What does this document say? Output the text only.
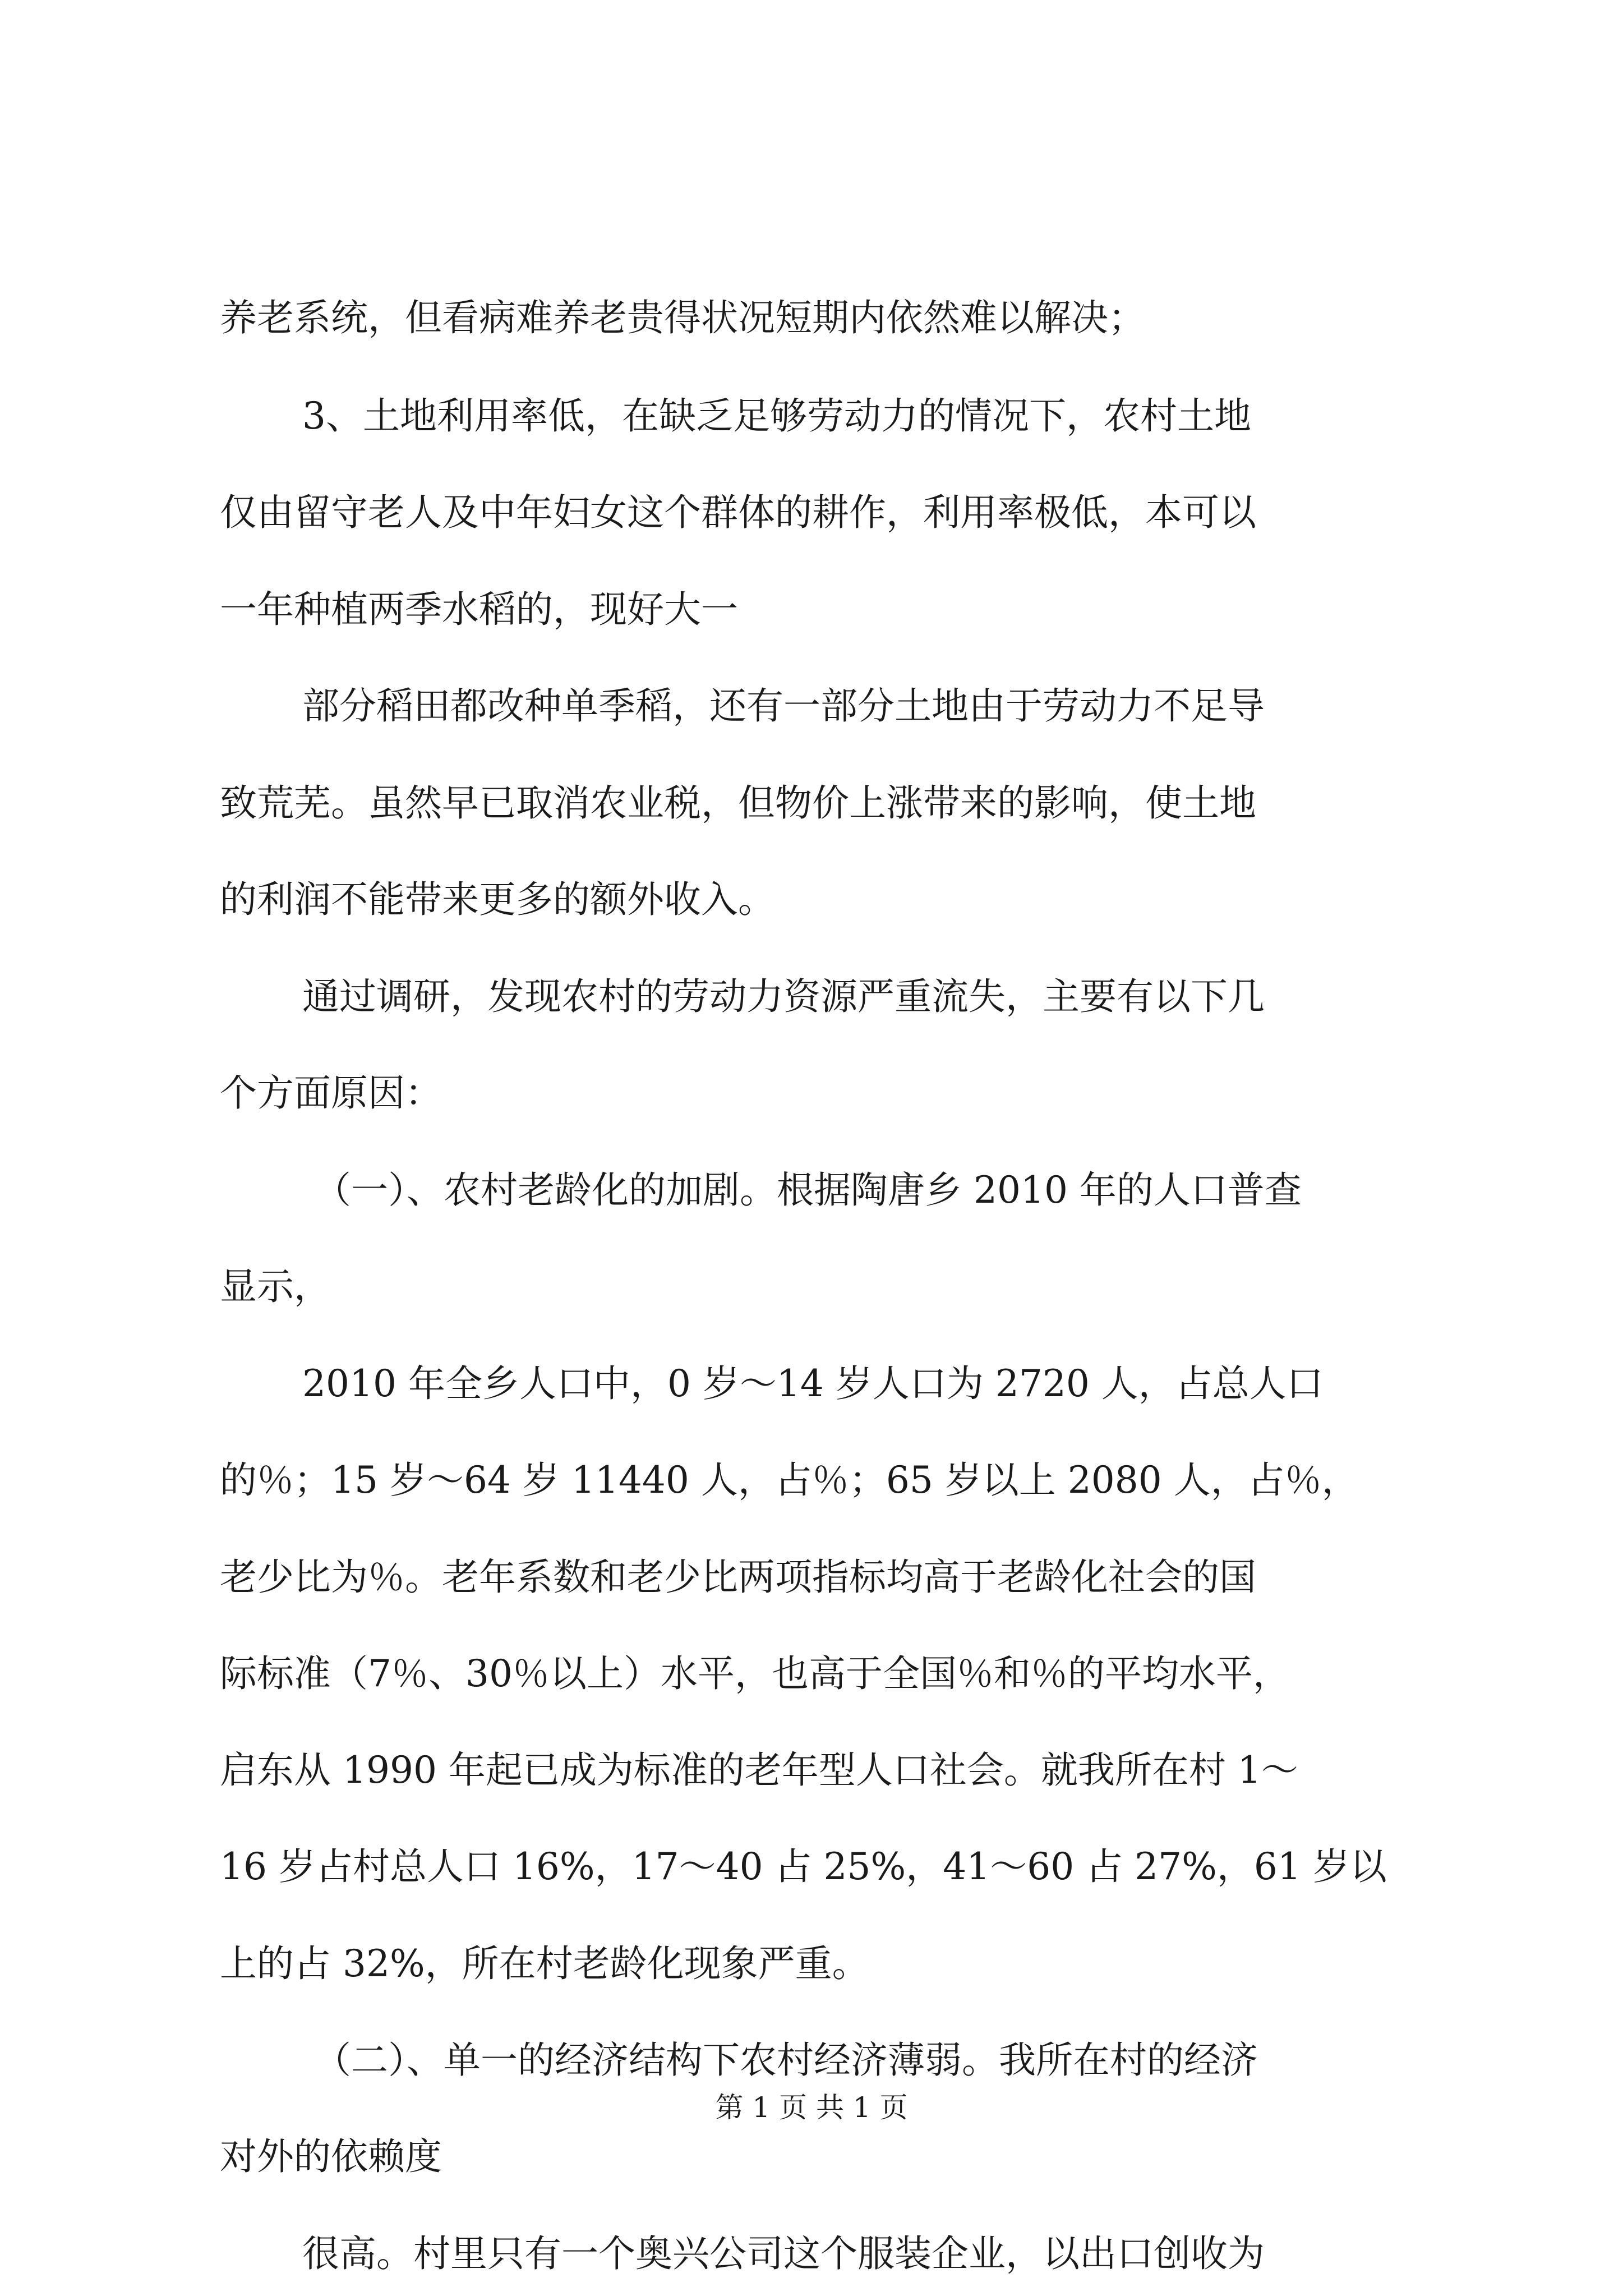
养老系统，但看病难养老贵得状况短期内依然难以解决；
3、土地利用率低，在缺乏足够劳动力的情况下，农村土地
仅由留守老人及中年妇女这个群体的耕作，利用率极低，本可以
一年种植两季水稻的，现好大一
部分稻田都改种单季稻，还有一部分土地由于劳动力不足导
致荒芜。虽然早已取消农业税，但物价上涨带来的影响，使土地
的利润不能带来更多的额外收入。
通过调研，发现农村的劳动力资源严重流失，主要有以下几
个方面原因：
（一）、农村老龄化的加剧。根据陶唐乡 2010 年的人口普查
显示，
2010 年全乡人口中，0 岁～14 岁人口为 2720 人，占总人口
的％；15 岁～64 岁 11440 人，占％；65 岁以上 2080 人，占％，
老少比为％。老年系数和老少比两项指标均高于老龄化社会的国
际标准（7％、30％以上）水平，也高于全国％和％的平均水平，
启东从 1990 年起已成为标准的老年型人口社会。就我所在村 1～
16 岁占村总人口 16%，17～40 占 25%，41～60 占 27%，61 岁以
上的占 32%，所在村老龄化现象严重。
（二）、单一的经济结构下农村经济薄弱。我所在村的经济
对外的依赖度
很高。村里只有一个奥兴公司这个服装企业，以出口创收为
第 1 页 共 1 页
